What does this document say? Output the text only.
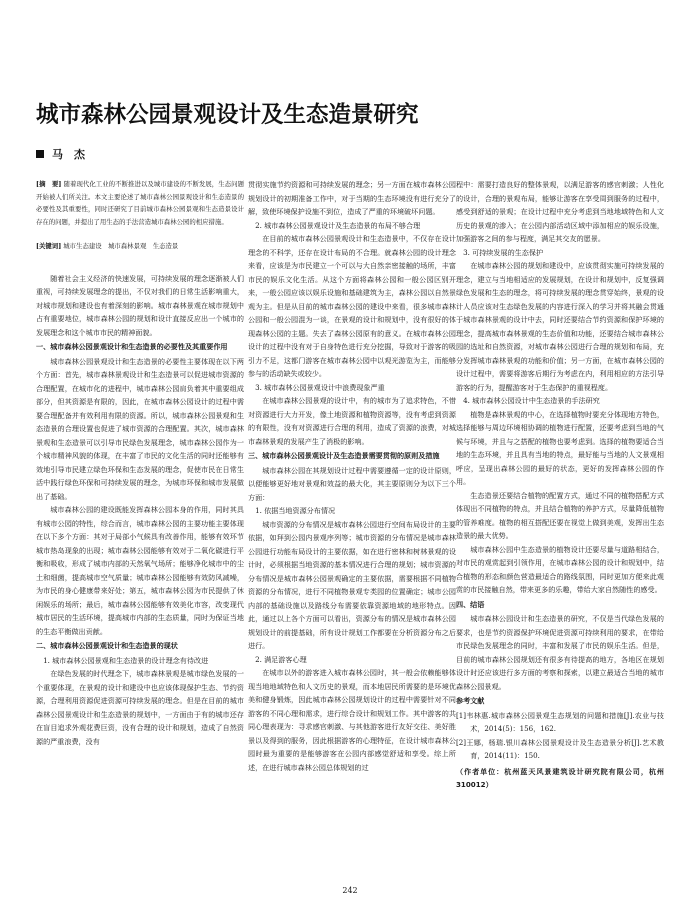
城市森林公园景观设计及生态造景研究
马　杰

[摘　要] 随着现代化工业的不断推进以及城市建设的不断发展，生态问题开始被人们所关注。本文主要论述了城市森林公园景观设计和生态造景的必要性及其重要性，同时还研究了目前城市森林公园景观和生态造景设计存在的问题，并提出了用生态的手法营造城市森林公园的相应措施。

[关键词] 城市生态建设　城市森林景观　生态造景

随着社会主义经济的快速发展，可持续发展的理念逐渐被人们重视，可持续发展理念的提出，不仅对我们的日常生活影响重大，对城市规划和建设也有着深刻的影响。城市森林景观在城市规划中占有重要地位，城市森林公园的规划和设计直接反应出一个城市的发展理念和这个城市市民的精神面貌。

一、城市森林公园景观设计和生态造景的必要性及其重要作用

城市森林公园景观设计和生态造景的必要性主要体现在以下两个方面：首先，城市森林景观设计和生态造景可以促进城市资源的合理配置，在城市化的进程中，城市森林公园肩负着其中重要组成部分，但其资源是有限的，因此，在城市森林公园设计的过程中需要合理配备并有效利用有限的资源。所以，城市森林公园景观和生态造景的合理设置也促进了城市资源的合理配置。其次，城市森林景观和生态造景可以引导市民绿色发展理念，城市森林公园作为一个城市精神风貌的体现，在丰富了市民的文化生活的同时还能够有效地引导市民建立绿色环保和生态发展的理念，促使市民在日常生活中践行绿色环保和可持续发展的理念，为城市环保和城市发展做出了基础。

城市森林公园的建设既能发挥森林公园本身的作用，同时其具有城市公园的特性，综合而言，城市森林公园的主要功能主要体现在以下多个方面：其对于局部小气候具有改善作用，能够有效环节城市热岛现象的出现；城市森林公园能够有效对于二氧化碳进行平衡和吸收，形成了城市内部的天然氧气场所；能够净化城市中的尘土和细菌，提高城市空气质量；城市森林公园能够有效防风减噪，为市民的身心健康带来好处；第五，城市森林公园为市民提供了休闲娱乐的场所；最后，城市森林公园能够有效美化市容，改变现代城市居民的生活环境，提高城市内部的生态质量，同时为保证当地的生态平衡做出贡献。

二、城市森林公园景观设计和生态造景的现状

1. 城市森林公园景观和生态造景的设计理念有待改进

在绿色发展的时代理念下，城市森林景观是城市绿色发展的一个重要体现，在景观的设计和建设中也应该体现保护生态、节约资源，合理利用资源促进资源可持续发展的理念。但是在目前的城市森林公园景观设计和生态造景的规划中，一方面由于有的城市还存在盲目追求外观花费巨资，没有合理的设计和规划，造成了自然资源的严重浪费，没有

贯彻实施节约资源和可持续发展的理念；另一方面在城市森林公园规划设计的初期准备工作中，对于当期的生态环境没有进行充分了解，致使环境保护设施不到位，造成了严重的环境破坏问题。

2. 城市森林公园景观设计及生态造景的布局不够合理

在目前的城市森林公园景观设计和生态造景中，不仅存在设计理念的不科学，还存在设计布局的不合理。就森林公园的设计理念来看，应该是为市民建立一个可以与大自然亲密接触的场所，丰富市民的娱乐文化生活。从这个方面将森林公园和一般公园区别开来，一般公园应该以娱乐设施和基础建筑为主，森林公园以自然景观为主。但是从目前的城市森林公园的建设中来看，很多城市森林公园和一般公园混为一谈，在景观的设计和规划中，没有很好的体现森林公园的主题。失去了森林公园原有的意义。在城市森林公园设计的过程中没有对于自身特色进行充分挖掘，导致对于游客的吸引力不足，这都门游客在城市森林公园中以观光游览为主，而能够参与的活动缺失或较少。

3. 城市森林公园景观设计中浪费现象严重

在城市森林公园景观的设计中，有的城市为了追求特色，不惜对资源进行大力开发，像土地资源和植物资源等，没有考虑到资源的有限性，没有对资源进行合理的利用，造成了资源的浪费，对城市森林景观的发展产生了消极的影响。

三、城市森林公园景观设计及生态造景需要贯彻的原则及措施

城市森林公园在其规划设计过程中需要遵循一定的设计原则，以便能够更好地对景观和效益的最大化，其主要原则分为以下三个方面：

1. 依据当地资源分布情况

城市资源的分布情况是城市森林公园进行空间布局设计的主要依据，如拜到公园内景观序列等；城市资源的分布情况是城市森林公园进行功能布局设计的主要依据，如在进行密林和树林景观的设计时，必须根据当地资源的基本情况进行合理的规划；城市资源的分布情况是城市森林公园景观确定的主要依据，需要根据不同植物资源的分布情况，进行不同植物景观专类园的位置确定；城市公园内部的基础设施以及路线分布需要依靠资源地域的地形特点。因此，通过以上各个方面可以看出，资源分布的情况是城市森林公园规划设计的前提基础，所有设计规划工作都要在分析资源分布之后进行。

2. 满足游客心理

在城市以外的游客进入城市森林公园时，其一般会依赖能够体现当地地域特色和人文历史的景观，而本地居民所需要的是环境优美和健身锻炼，因此城市森林公园规划设计的过程中需要针对不同游客的不同心理和需求，进行综合设计和规划工作。其中游客的共同心理表现为：寻求感官刺激、与其他游客进行友好交往、美好胜景以及得到的服务，因此根据游客的心理特征，在设计城市森林公园时最为重要的是能够游客在公园内部感觉舒适和享受。综上所述，在进行城市森林公园总体规划的过

程中：需要打造良好的整体景观，以满足游客的感官刺激；人性化的设计，合理的景观布局，能够让游客在享受周到服务的过程中，感受到舒适的景观；在设计过程中充分考虑到当地地域特色和人文历史的景观的渗入；在公园内部活动区域中添加相应的娱乐设施，加强游客之间的参与程度，满足其交友的愿景。

3. 可持续发展的生态保护

在城市森林公园的规划和建设中，应该贯彻实施可持续发展的理念，建立与当地相适应的发展规划，在设计和规划中，反复强调绿色发展和生态的理念，将可持续发展的理念贯穿始终，景观的设计人员应该对生态绿色发展的内容进行深入的学习并将其融会贯通于城市森林景观的设计中去，同时还要结合节约资源和保护环境的理念，提高城市森林景观的生态价值和功能，还要结合城市森林公园的选址和自然资源，对城市森林公园进行合理的规划和布局，充分发挥城市森林景观的功能和价值；另一方面，在城市森林公园的设计过程中，需要将游客后期行为考虑在内，利用相应的方法引导游客的行为，提醒游客对于生态保护的重视程度。

4. 城市森林公园设计中生态造景的手法研究

植物是森林景观的中心，在选择植物时要充分体现地方特色，选择能够与周边环境相协调的植物进行配置，还要考虑到当地的气候与环境，并且与之搭配的植物也要考虑到。选择的植物要适合当地的生态环境，并且具有当地的特点，最好能与当地的人文景观相呼应，呈现出森林公园的最好的状态，更好的发挥森林公园的作用。

生态造景还要结合植物的配置方式，通过不同的植物搭配方式体现出不同植物的特点，并且结合植物的养护方式，尽量降低植物的管养难度。植物的相互搭配还要在视觉上做到美观，发挥出生态造景的最大优势。

城市森林公园中生态造景的植物设计还要尽量与道路相结合，对市民的观赏起到引领作用，在城市森林公园的设计和规划中，结合植物的形态和颜色营造最适合的路线氛围，同时更加方便来此观赏的市民接触自然，带来更多的乐趣，带给大家自然随性的感受。

四、结语

城市森林公园设计和生态造景的研究，不仅是当代绿色发展的要求，也是节约资源保护环境促进资源可持续利用的要求，在带给市民绿色发展理念的同时，丰富和发展了市民的娱乐生活。但是，目前的城市森林公园规划还有很多有待提高的地方，各地区在规划设计时还应该进行多方面的考察和探索，以建立最适合当地的城市森林公园景观。

参考文献

[1]韦林惠.城市森林公园景观生态规划的问题和措施[J].农业与技术，2014(5)：156，162.

[2]王娜，杨瑞.银川森林公园景观设计及生态造景分析[J].艺术教育，2014(11)：150.

（作者单位：杭州蓝天风景建筑设计研究院有限公司，杭州 310012）

242
